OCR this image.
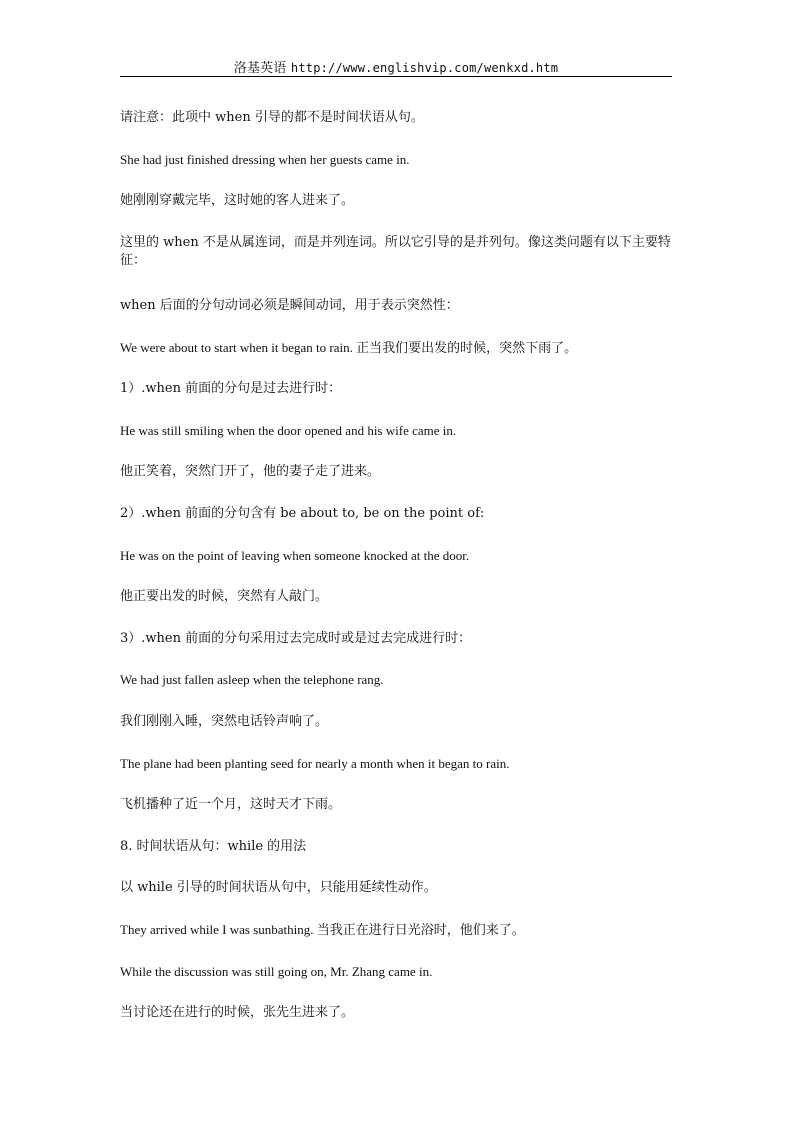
洛基英语 http://www.englishvip.com/wenkxd.htm
请注意：此项中 when 引导的都不是时间状语从句。
She had just finished dressing when her guests came in.
她刚刚穿戴完毕，这时她的客人进来了。
这里的 when 不是从属连词，而是并列连词。所以它引导的是并列句。像这类问题有以下主要特征：
when 后面的分句动词必须是瞬间动词，用于表示突然性：
We were about to start when it began to rain. 正当我们要出发的时候，突然下雨了。
1）.when 前面的分句是过去进行时：
He was still smiling when the door opened and his wife came in.
他正笑着，突然门开了，他的妻子走了进来。
2）.when 前面的分句含有 be about to, be on the point of:
He was on the point of leaving when someone knocked at the door.
他正要出发的时候，突然有人敲门。
3）.when 前面的分句采用过去完成时或是过去完成进行时：
We had just fallen asleep when the telephone rang.
我们刚刚入睡，突然电话铃声响了。
The plane had been planting seed for nearly a month when it began to rain.
飞机播种了近一个月，这时天才下雨。
8. 时间状语从句：while 的用法
以 while 引导的时间状语从句中，只能用延续性动作。
They arrived while I was sunbathing. 当我正在进行日光浴时，他们来了。
While the discussion was still going on, Mr. Zhang came in.
当讨论还在进行的时候，张先生进来了。
